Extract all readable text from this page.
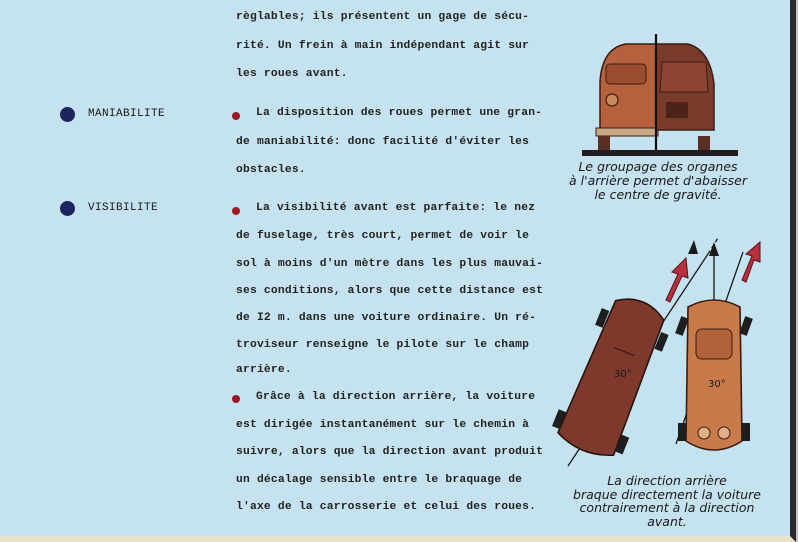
MANIABILITE
VISIBILITE
règlables; ils présentent un gage de sécu-
rité. Un frein à main indépendant agit sur
les roues avant.
La disposition des roues permet une gran-
de maniabilité: donc facilité d'éviter les
obstacles.
La visibilité avant est parfaite: le nez
de fuselage, très court, permet de voir le
sol à moins d'un mètre dans les plus mauvai-
ses conditions, alors que cette distance est
de I2 m. dans une voiture ordinaire. Un ré-
troviseur renseigne le pilote sur le champ
arrière.
Grâce à la direction arrière, la voiture
est dirigée instantanément sur le chemin à
suivre, alors que la direction avant produit
un décalage sensible entre le braquage de
l'axe de la carrosserie et celui des roues.
Le groupage des organes
à l'arrière permet d'abaisser
le centre de gravité.
30°
30°
La direction arrière
braque directement la voiture
contrairement à la direction
avant.
